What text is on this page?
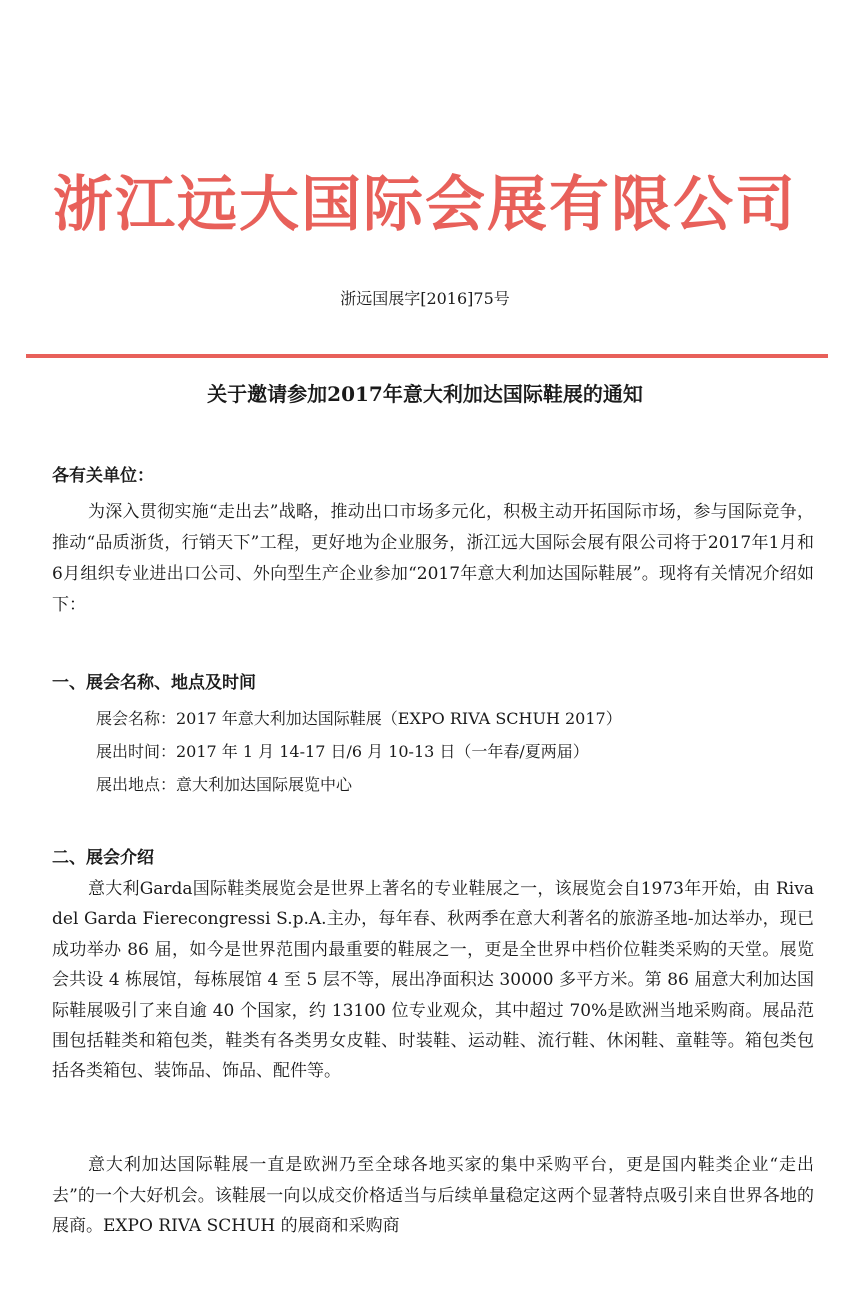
浙江远大国际会展有限公司
浙远国展字[2016]75号
关于邀请参加2017年意大利加达国际鞋展的通知
各有关单位：

为深入贯彻实施“走出去”战略，推动出口市场多元化，积极主动开拓国际市场，参与国际竞争，推动“品质浙货，行销天下”工程，更好地为企业服务，浙江远大国际会展有限公司将于2017年1月和6月组织专业进出口公司、外向型生产企业参加“2017年意大利加达国际鞋展”。现将有关情况介绍如下：

一、展会名称、地点及时间
展会名称：2017 年意大利加达国际鞋展（EXPO RIVA SCHUH 2017）
展出时间：2017 年 1 月 14-17 日/6 月 10-13 日（一年春/夏两届）
展出地点：意大利加达国际展览中心
二、展会介绍

意大利Garda国际鞋类展览会是世界上著名的专业鞋展之一，该展览会自1973年开始，由 Riva del Garda Fierecongressi S.p.A.主办，每年春、秋两季在意大利著名的旅游圣地-加达举办，现已成功举办 86 届，如今是世界范围内最重要的鞋展之一，更是全世界中档价位鞋类采购的天堂。展览会共设 4 栋展馆，每栋展馆 4 至 5 层不等，展出净面积达 30000 多平方米。第 86 届意大利加达国际鞋展吸引了来自逾 40 个国家，约 13100 位专业观众，其中超过 70%是欧洲当地采购商。展品范围包括鞋类和箱包类，鞋类有各类男女皮鞋、时装鞋、运动鞋、流行鞋、休闲鞋、童鞋等。箱包类包括各类箱包、装饰品、饰品、配件等。

意大利加达国际鞋展一直是欧洲乃至全球各地买家的集中采购平台，更是国内鞋类企业“走出去”的一个大好机会。该鞋展一向以成交价格适当与后续单量稳定这两个显著特点吸引来自世界各地的展商。EXPO RIVA SCHUH 的展商和采购商
